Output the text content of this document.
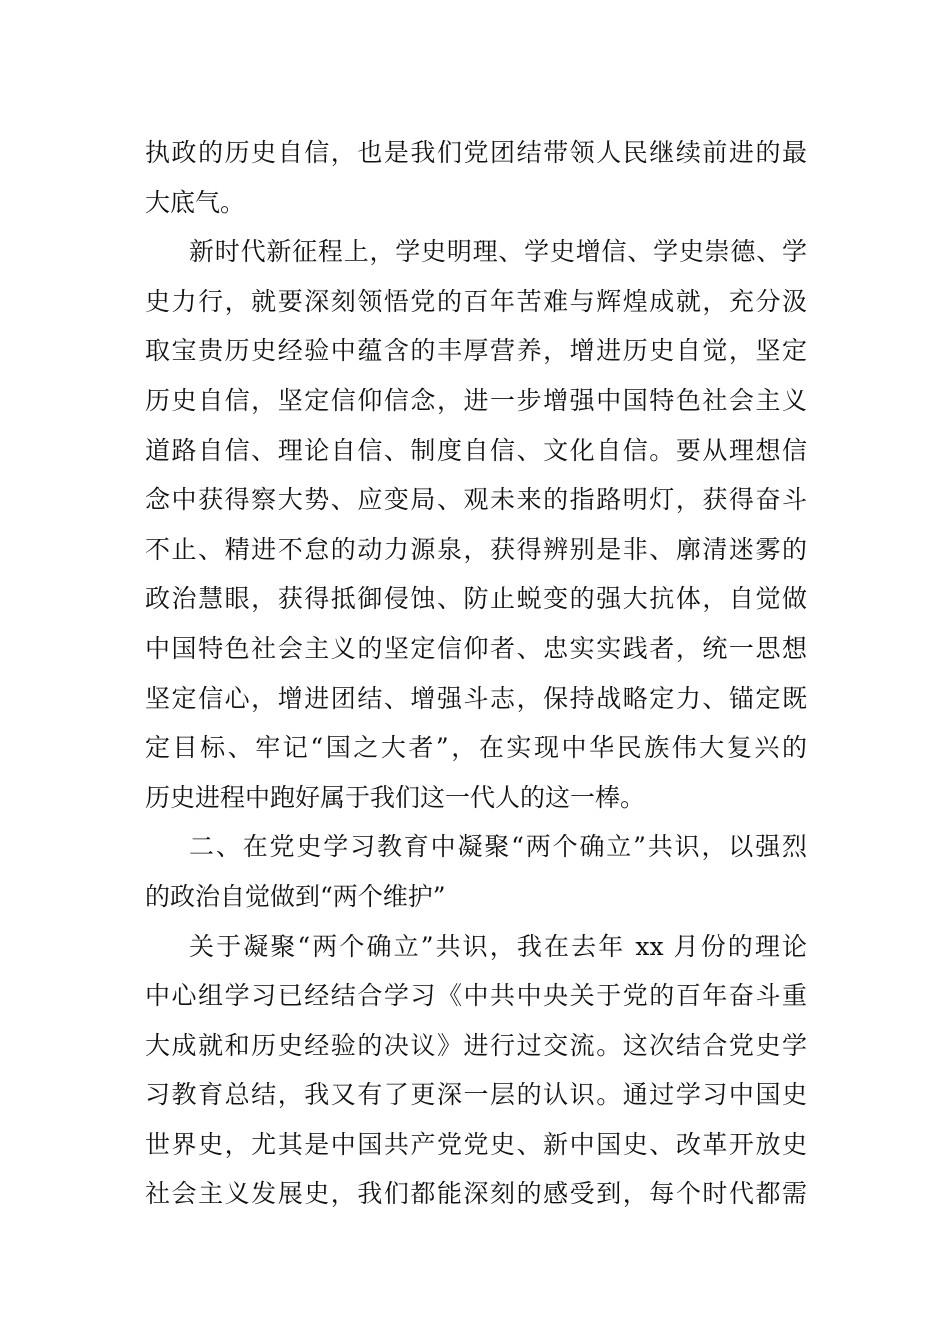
执政的历史自信，也是我们党团结带领人民继续前进的最
大底气。
新时代新征程上，学史明理、学史增信、学史崇德、学
史力行，就要深刻领悟党的百年苦难与辉煌成就，充分汲
取宝贵历史经验中蕴含的丰厚营养，增进历史自觉，坚定
历史自信，坚定信仰信念，进一步增强中国特色社会主义
道路自信、理论自信、制度自信、文化自信。要从理想信
念中获得察大势、应变局、观未来的指路明灯，获得奋斗
不止、精进不怠的动力源泉，获得辨别是非、廓清迷雾的
政治慧眼，获得抵御侵蚀、防止蜕变的强大抗体，自觉做
中国特色社会主义的坚定信仰者、忠实实践者，统一思想
坚定信心，增进团结、增强斗志，保持战略定力、锚定既
定目标、牢记“国之大者”，在实现中华民族伟大复兴的
历史进程中跑好属于我们这一代人的这一棒。
二、在党史学习教育中凝聚“两个确立”共识，以强烈
的政治自觉做到“两个维护”
关于凝聚“两个确立”共识，我在去年 xx 月份的理论
中心组学习已经结合学习《中共中央关于党的百年奋斗重
大成就和历史经验的决议》进行过交流。这次结合党史学
习教育总结，我又有了更深一层的认识。通过学习中国史
世界史，尤其是中国共产党党史、新中国史、改革开放史
社会主义发展史，我们都能深刻的感受到，每个时代都需
